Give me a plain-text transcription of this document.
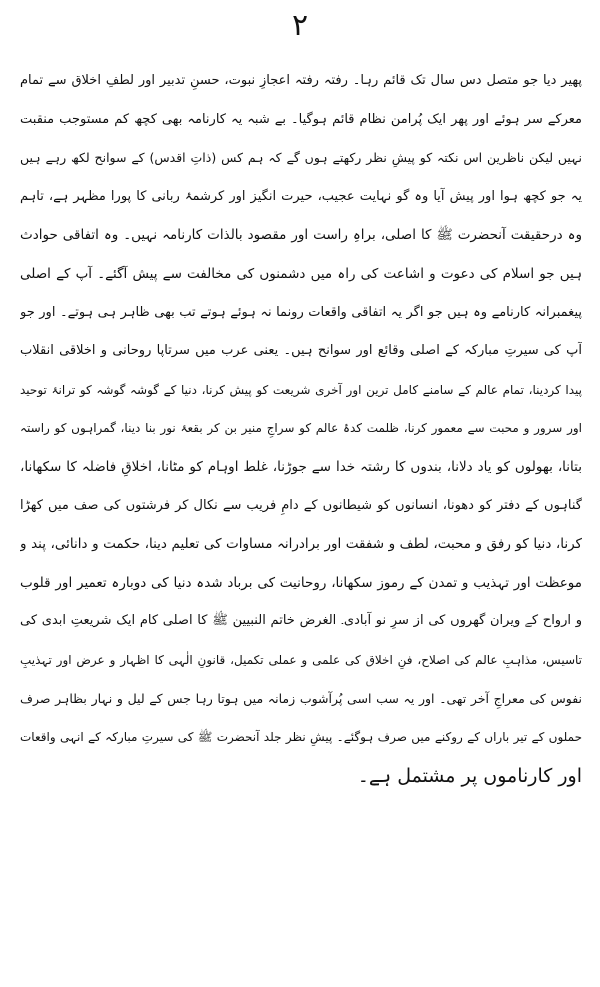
۲
پھیر دیا جو متصل دس سال تک قائم رہا۔ رفتہ رفتہ اعجازِ نبوت، حسنِ تدبیر اور لطفِ اخلاق سے تمام
معرکے سر ہوئے اور پھر ایک پُرامن نظام قائم ہوگیا۔ بے شبہ یہ کارنامہ بھی کچھ کم مستوجب منقبت
نہیں لیکن ناظرین اس نکتہ کو پیشِ نظر رکھتے ہوں گے کہ ہم کس (ذاتِ اقدس) کے سوانح لکھ رہے ہیں
یہ جو کچھ ہوا اور پیش آیا وہ گو نہایت عجیب، حیرت انگیز اور کرشمۂ ربانی کا پورا مظہر ہے، تاہم
وہ درحقیقت آنحضرت ﷺ کا اصلی، براہِ راست اور مقصود بالذات کارنامہ نہیں۔ وہ اتفاقی حوادث
ہیں جو اسلام کی دعوت و اشاعت کی راہ میں دشمنوں کی مخالفت سے پیش آگئے۔ آپ کے اصلی
پیغمبرانہ کارنامے وہ ہیں جو اگر یہ اتفاقی واقعات رونما نہ ہوئے ہوتے تب بھی ظاہر ہی ہوتے۔ اور جو
آپ کی سیرتِ مبارکہ کے اصلی وقائع اور سوانح ہیں۔ یعنی عرب میں سرتاپا روحانی و اخلاقی انقلاب
پیدا کردینا، تمام عالم کے سامنے کامل ترین اور آخری شریعت کو پیش کرنا، دنیا کے گوشہ گوشہ کو ترانۂ توحید
اور سرور و محبت سے معمور کرنا، ظلمت کدۂ عالم کو سراجِ منیر بن کر بقعۂ نور بنا دینا، گمراہوں کو راستہ
بتانا، بھولوں کو یاد دلانا، بندوں کا رشتہ خدا سے جوڑنا، غلط اوہام کو مٹانا، اخلاقِ فاضلہ کا سکھانا،
گناہوں کے دفتر کو دھونا، انسانوں کو شیطانوں کے دامِ فریب سے نکال کر فرشتوں کی صف میں کھڑا
کرنا، دنیا کو رفق و محبت، لطف و شفقت اور برادرانہ مساوات کی تعلیم دینا، حکمت و دانائی، پند و
موعظت اور تہذیب و تمدن کے رموز سکھانا، روحانیت کی برباد شدہ دنیا کی دوبارہ تعمیر اور قلوب
و ارواح کے ویران گھروں کی از سرِ نو آبادی۔ الغرض خاتم النبیین ﷺ کا اصلی کام ایک شریعتِ ابدی کی
تاسیس، مذاہبِ عالم کی اصلاح، فنِ اخلاق کی علمی و عملی تکمیل، قانونِ الٰہی کا اظہار و عرض اور تہذیبِ
نفوس کی معراجِ آخر تھی۔ اور یہ سب اسی پُرآشوب زمانہ میں ہوتا رہا جس کے لیل و نہار بظاہر صرف
حملوں کے تیر باراں کے روکنے میں صرف ہوگئے۔ پیشِ نظر جلد آنحضرت ﷺ کی سیرتِ مبارکہ کے انہی واقعات
اور کارناموں پر مشتمل ہے۔
